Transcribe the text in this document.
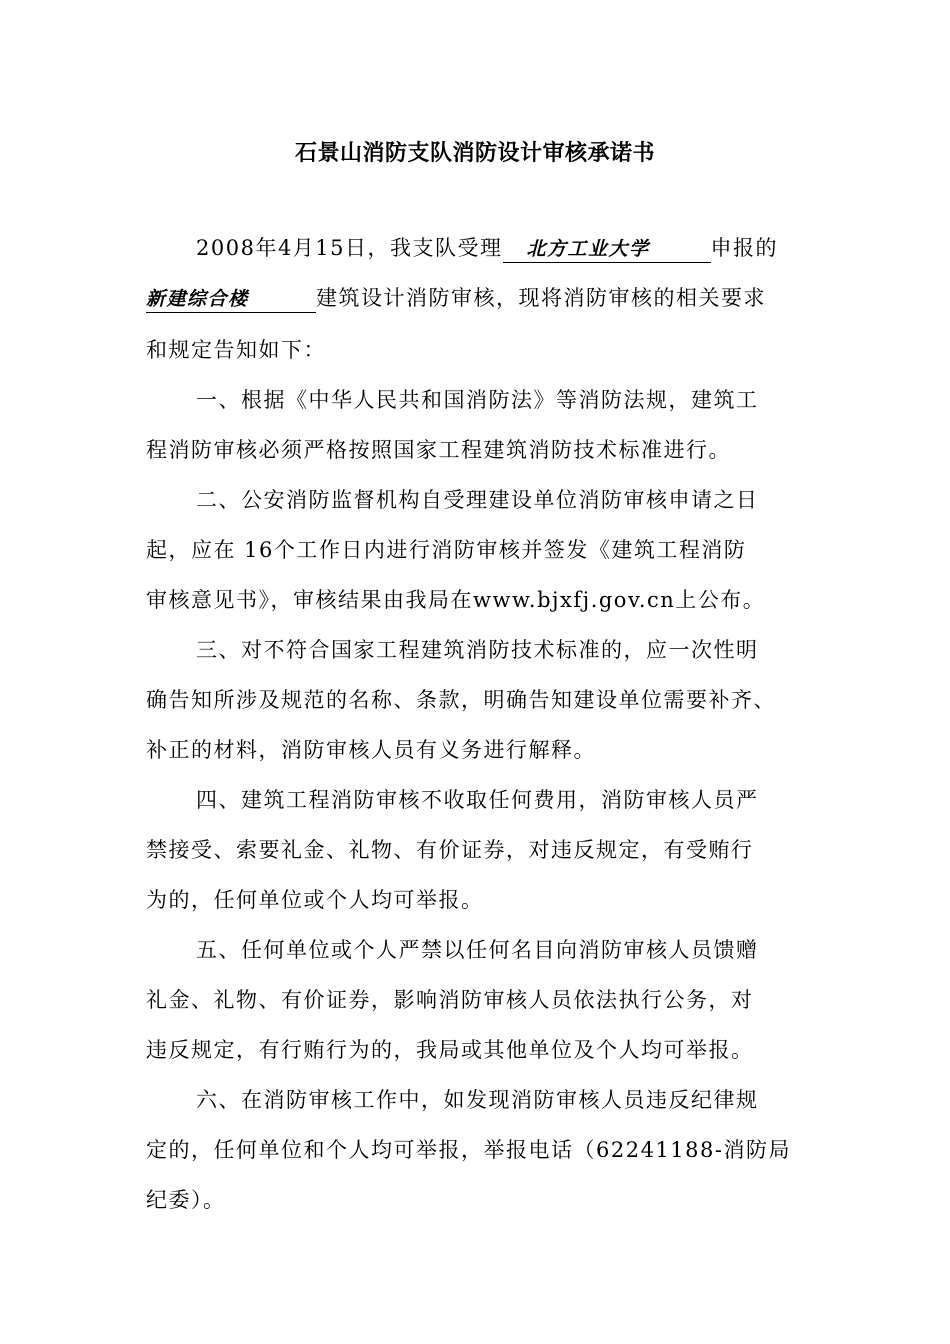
石景山消防支队消防设计审核承诺书
2008年4月15日，我支队受理 北方工业大学	申报的
新建综合楼	建筑设计消防审核，现将消防审核的相关要求
和规定告知如下：
一、根据《中华人民共和国消防法》等消防法规，建筑工
程消防审核必须严格按照国家工程建筑消防技术标准进行。
二、公安消防监督机构自受理建设单位消防审核申请之日
起，应在 16个工作日内进行消防审核并签发《建筑工程消防
审核意见书》，审核结果由我局在www.bjxfj.gov.cn上公布。
三、对不符合国家工程建筑消防技术标准的，应一次性明
确告知所涉及规范的名称、条款，明确告知建设单位需要补齐、
补正的材料，消防审核人员有义务进行解释。
四、建筑工程消防审核不收取任何费用，消防审核人员严
禁接受、索要礼金、礼物、有价证券，对违反规定，有受贿行
为的，任何单位或个人均可举报。
五、任何单位或个人严禁以任何名目向消防审核人员馈赠
礼金、礼物、有价证券，影响消防审核人员依法执行公务，对
违反规定，有行贿行为的，我局或其他单位及个人均可举报。
六、在消防审核工作中，如发现消防审核人员违反纪律规
定的，任何单位和个人均可举报，举报电话（62241188-消防局
纪委）。
